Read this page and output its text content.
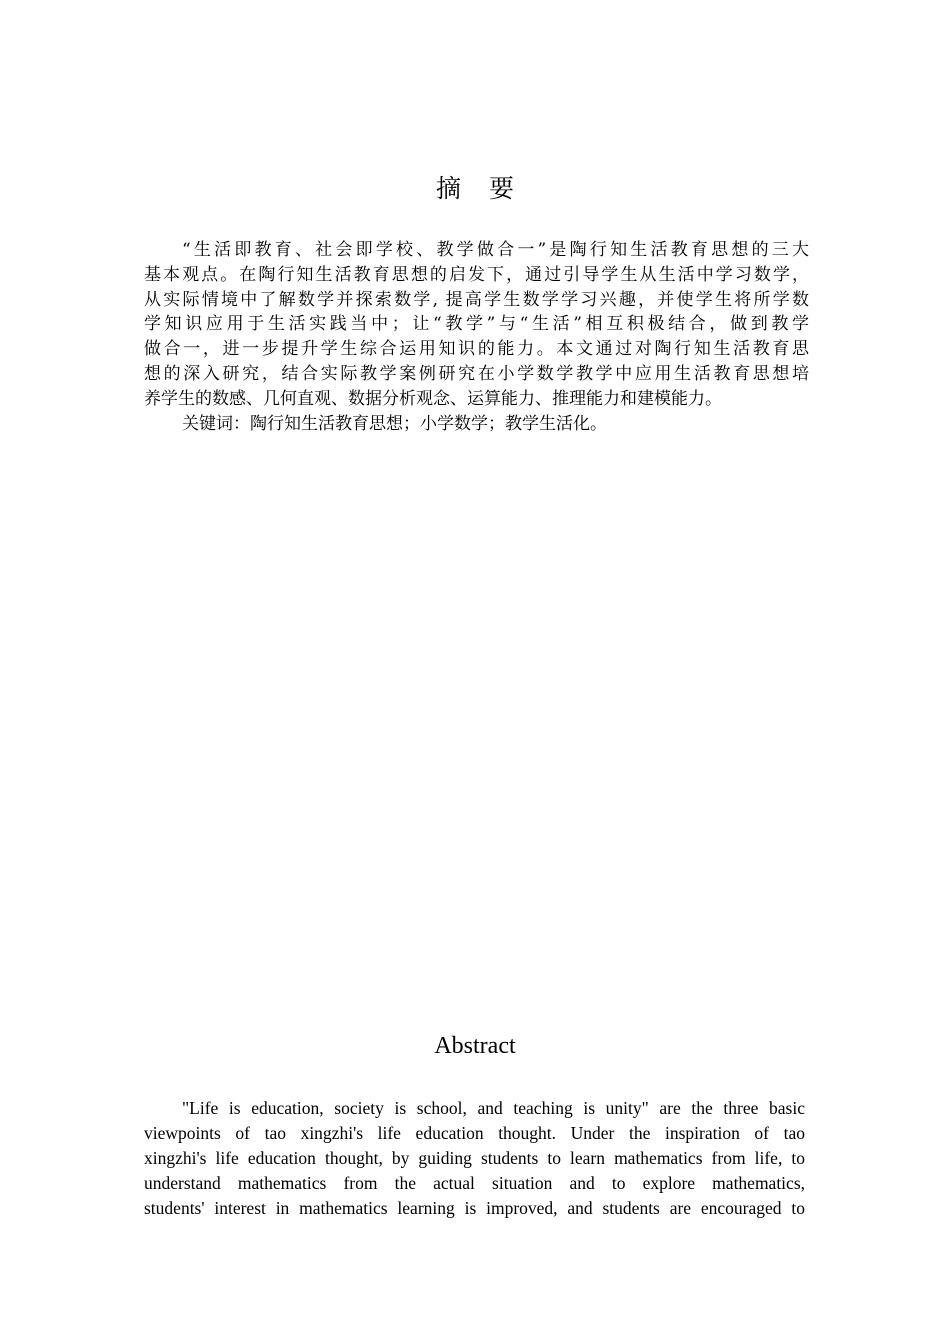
摘 要
“生活即教育、社会即学校、教学做合一”是陶行知生活教育思想的三大
基本观点。在陶行知生活教育思想的启发下，通过引导学生从生活中学习数学，
从实际情境中了解数学并探索数学, 提高学生数学学习兴趣，并使学生将所学数
学知识应用于生活实践当中；让“教学”与“生活”相互积极结合，做到教学
做合一，进一步提升学生综合运用知识的能力。本文通过对陶行知生活教育思
想的深入研究，结合实际教学案例研究在小学数学教学中应用生活教育思想培
养学生的数感、几何直观、数据分析观念、运算能力、推理能力和建模能力。

关键词：陶行知生活教育思想；小学数学；教学生活化。

Abstract
"Life is education, society is school, and teaching is unity" are the three basic
viewpoints of tao xingzhi's life education thought. Under the inspiration of tao
xingzhi's life education thought, by guiding students to learn mathematics from life, to
understand mathematics from the actual situation and to explore mathematics,
students' interest in mathematics learning is improved, and students are encouraged to
